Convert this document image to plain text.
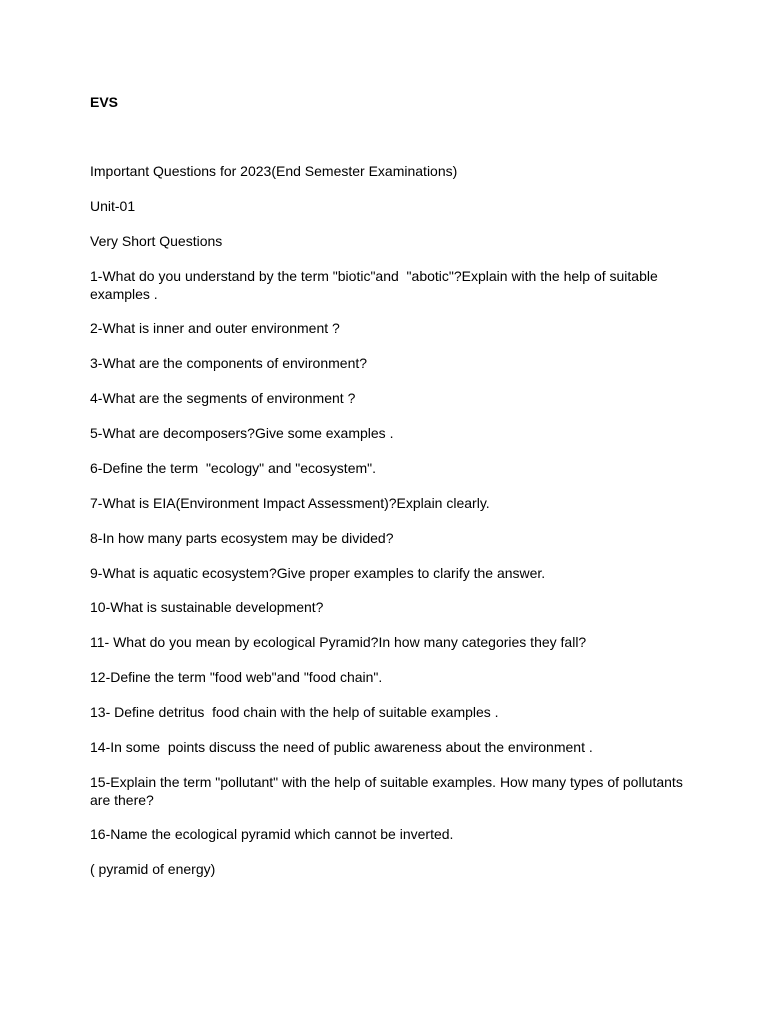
EVS
Important Questions for 2023(End Semester Examinations)
Unit-01
Very Short Questions
1-What do you understand by the term "biotic"and  "abotic"?Explain with the help of suitable examples .
2-What is inner and outer environment ?
3-What are the components of environment?
4-What are the segments of environment ?
5-What are decomposers?Give some examples .
6-Define the term  "ecology" and "ecosystem".
7-What is EIA(Environment Impact Assessment)?Explain clearly.
8-In how many parts ecosystem may be divided?
9-What is aquatic ecosystem?Give proper examples to clarify the answer.
10-What is sustainable development?
11- What do you mean by ecological Pyramid?In how many categories they fall?
12-Define the term "food web"and "food chain".
13- Define detritus  food chain with the help of suitable examples .
14-In some  points discuss the need of public awareness about the environment .
15-Explain the term "pollutant" with the help of suitable examples. How many types of pollutants are there?
16-Name the ecological pyramid which cannot be inverted.
( pyramid of energy)
